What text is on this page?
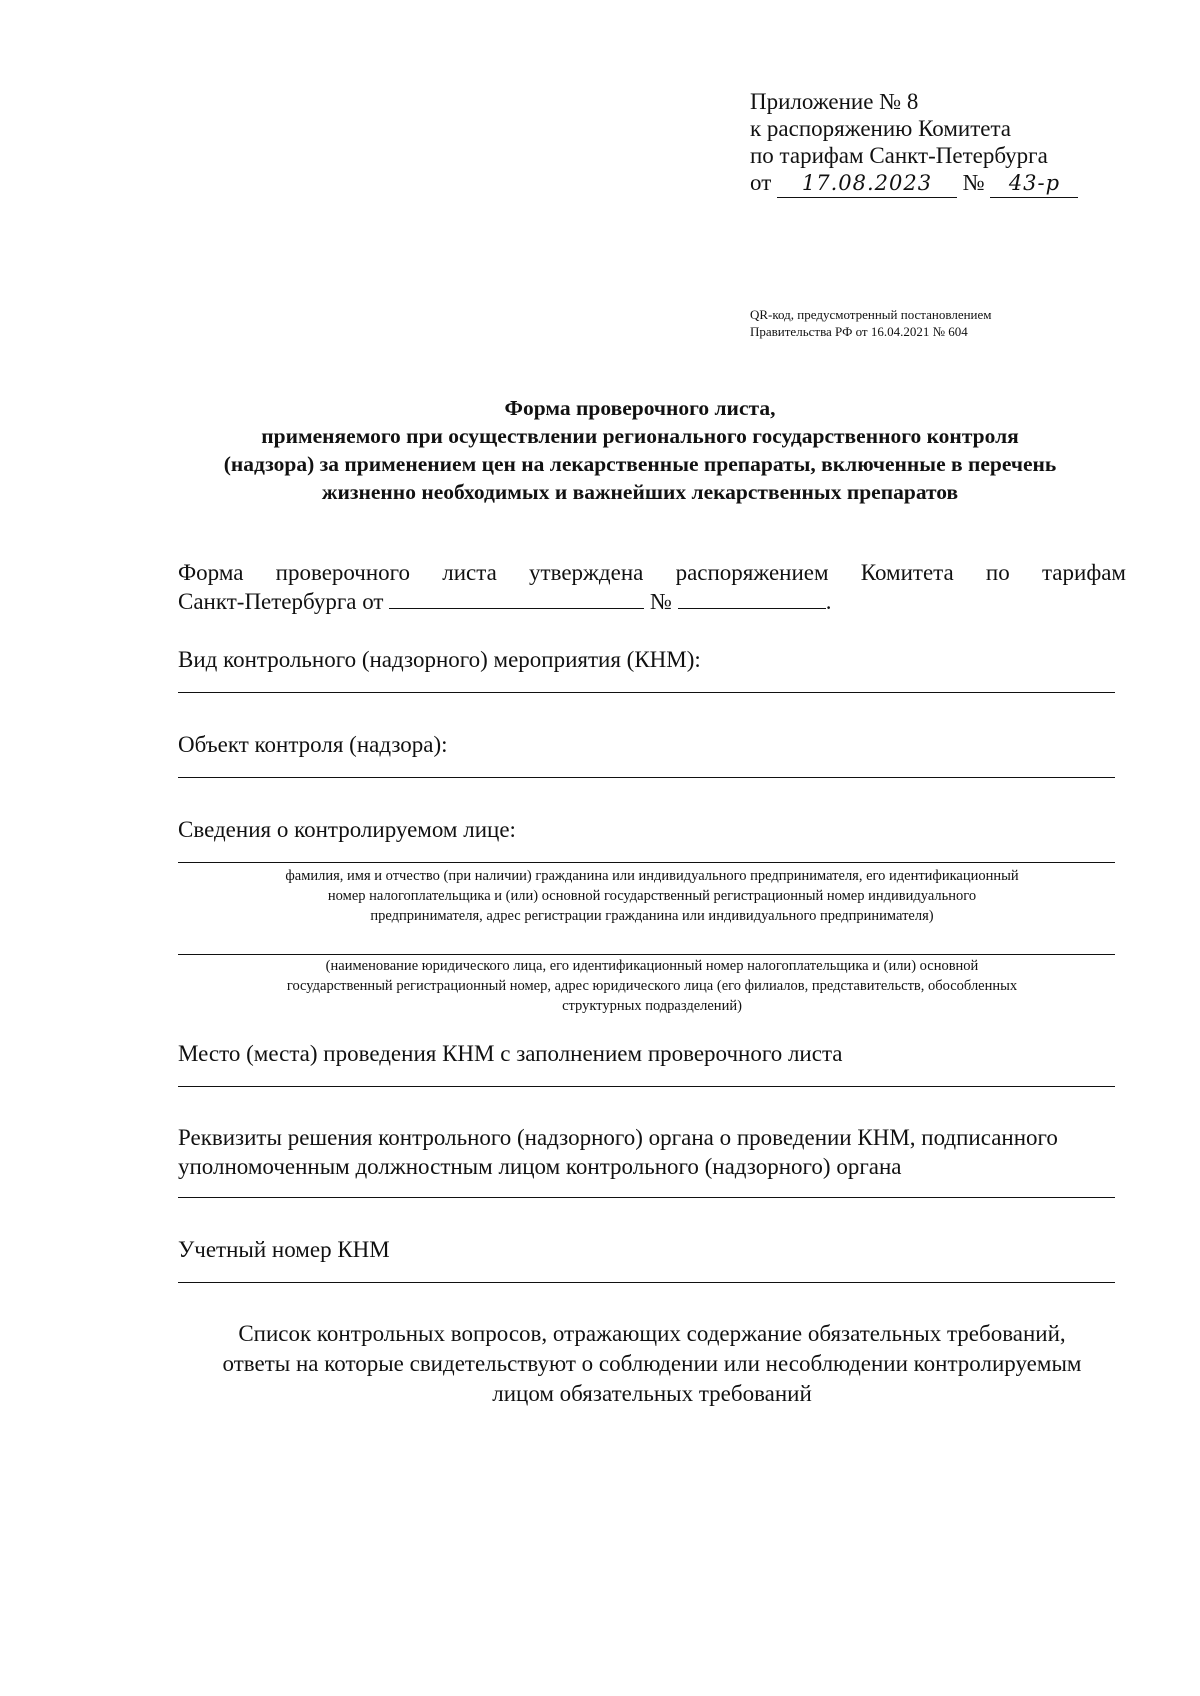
Приложение № 8
к распоряжению Комитета
по тарифам Санкт-Петербурга
от 17.08.2023 № 43-р
QR-код, предусмотренный постановлением
Правительства РФ от 16.04.2021 № 604
Форма проверочного листа,
применяемого при осуществлении регионального государственного контроля
(надзора) за применением цен на лекарственные препараты, включенные в перечень
жизненно необходимых и важнейших лекарственных препаратов
Форма проверочного листа утверждена распоряжением Комитета по тарифам
Санкт-Петербурга от	№	.
Вид контрольного (надзорного) мероприятия (КНМ):
Объект контроля (надзора):
Сведения о контролируемом лице:
фамилия, имя и отчество (при наличии) гражданина или индивидуального предпринимателя, его идентификационный
номер налогоплательщика и (или) основной государственный регистрационный номер индивидуального
предпринимателя, адрес регистрации гражданина или индивидуального предпринимателя)
(наименование юридического лица, его идентификационный номер налогоплательщика и (или) основной
государственный регистрационный номер, адрес юридического лица (его филиалов, представительств, обособленных
структурных подразделений)
Место (места) проведения КНМ с заполнением проверочного листа
Реквизиты решения контрольного (надзорного) органа о проведении КНМ, подписанного
уполномоченным должностным лицом контрольного (надзорного) органа
Учетный номер КНМ
Список контрольных вопросов, отражающих содержание обязательных требований,
ответы на которые свидетельствуют о соблюдении или несоблюдении контролируемым
лицом обязательных требований
